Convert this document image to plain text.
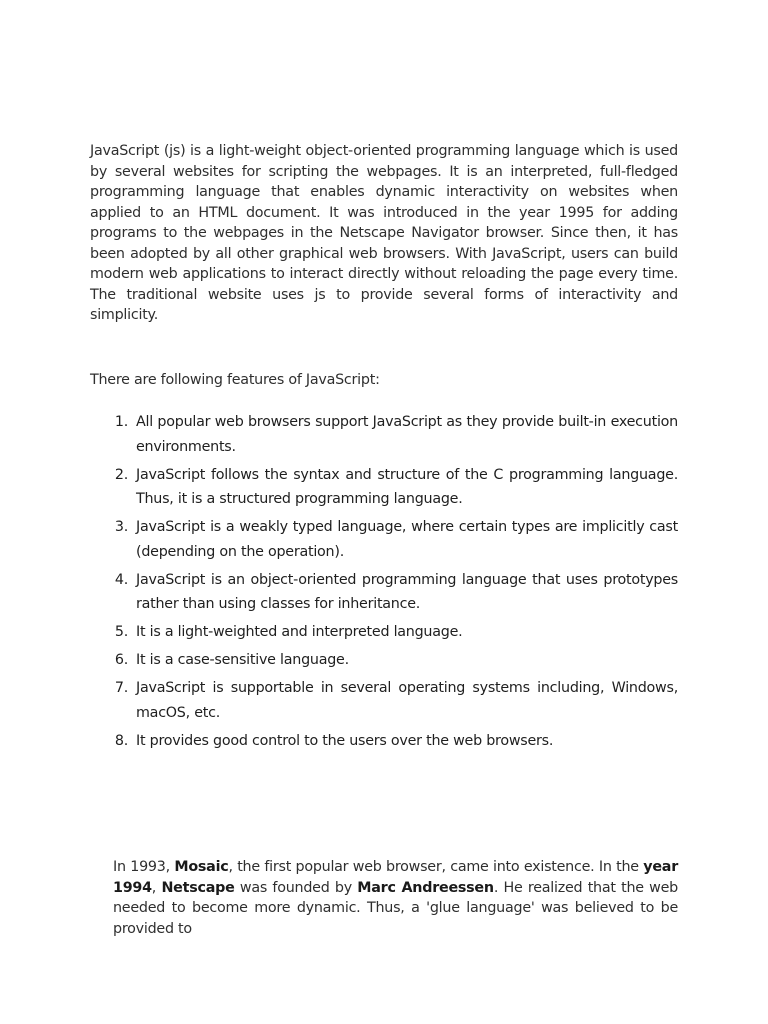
JavaScript (js) is a light-weight object-oriented programming language which is used by several websites for scripting the webpages. It is an interpreted, full-fledged programming language that enables dynamic interactivity on websites when applied to an HTML document. It was introduced in the year 1995 for adding programs to the webpages in the Netscape Navigator browser. Since then, it has been adopted by all other graphical web browsers. With JavaScript, users can build modern web applications to interact directly without reloading the page every time. The traditional website uses js to provide several forms of interactivity and simplicity.

There are following features of JavaScript:

1. All popular web browsers support JavaScript as they provide built-in execution environments.
2. JavaScript follows the syntax and structure of the C programming language. Thus, it is a structured programming language.
3. JavaScript is a weakly typed language, where certain types are implicitly cast (depending on the operation).
4. JavaScript is an object-oriented programming language that uses prototypes rather than using classes for inheritance.
5. It is a light-weighted and interpreted language.
6. It is a case-sensitive language.
7. JavaScript is supportable in several operating systems including, Windows, macOS, etc.
8. It provides good control to the users over the web browsers.

In 1993, Mosaic, the first popular web browser, came into existence. In the year 1994, Netscape was founded by Marc Andreessen. He realized that the web needed to become more dynamic. Thus, a 'glue language' was believed to be provided to
